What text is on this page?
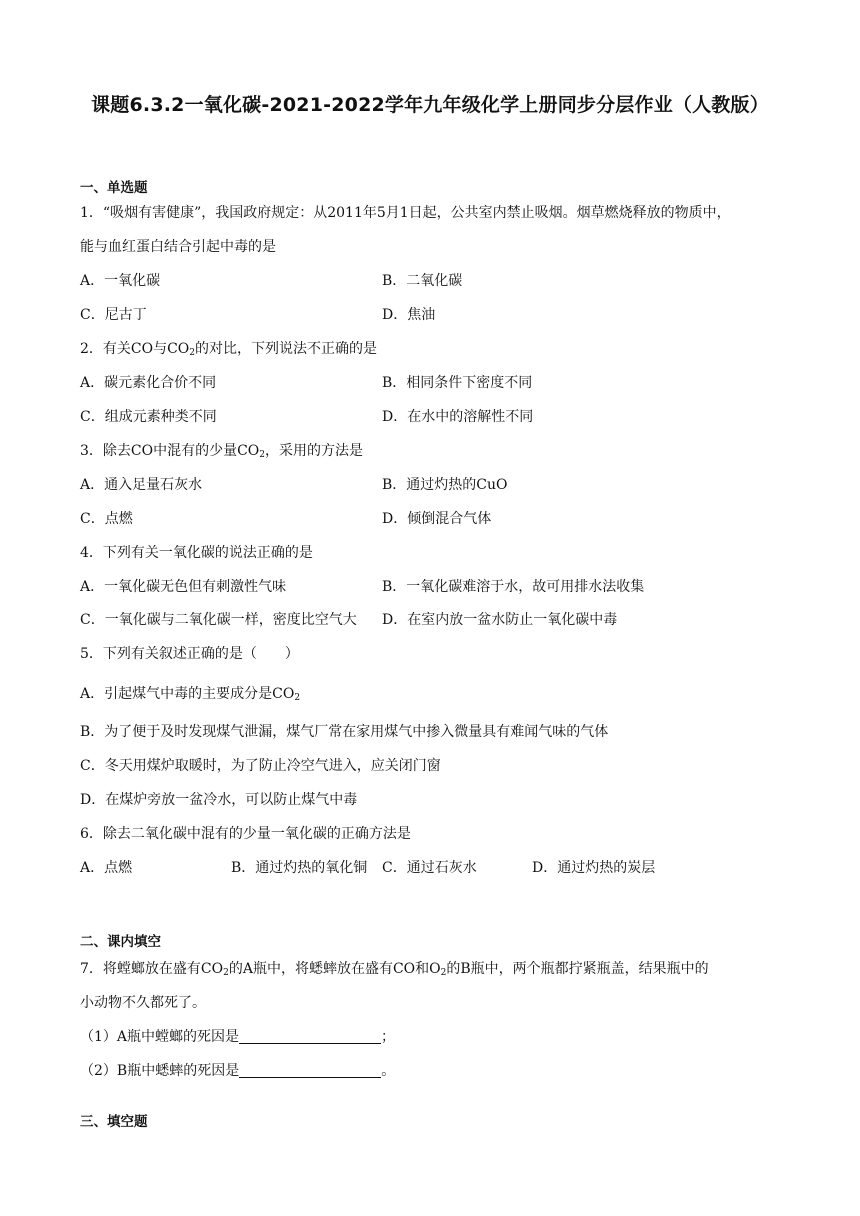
课题6.3.2一氧化碳-2021-2022学年九年级化学上册同步分层作业（人教版）
一、单选题
1．“吸烟有害健康”，我国政府规定：从2011年5月1日起，公共室内禁止吸烟。烟草燃烧释放的物质中，
能与血红蛋白结合引起中毒的是
A．一氧化碳	B．二氧化碳
C．尼古丁	D．焦油
2．有关CO与$CO_2$的对比，下列说法不正确的是
A．碳元素化合价不同	B．相同条件下密度不同
C．组成元素种类不同	D．在水中的溶解性不同
3．除去CO中混有的少量$CO_2$，采用的方法是
A．通入足量石灰水	B．通过灼热的CuO
C．点燃	D．倾倒混合气体
4．下列有关一氧化碳的说法正确的是
A．一氧化碳无色但有刺激性气味	B．一氧化碳难溶于水，故可用排水法收集
C．一氧化碳与二氧化碳一样，密度比空气大 D．在室内放一盆水防止一氧化碳中毒
5．下列有关叙述正确的是（　　）
A．引起煤气中毒的主要成分是$CO_2$
B．为了便于及时发现煤气泄漏，煤气厂常在家用煤气中掺入微量具有难闻气味的气体
C．冬天用煤炉取暖时，为了防止冷空气进入，应关闭门窗
D．在煤炉旁放一盆冷水，可以防止煤气中毒
6．除去二氧化碳中混有的少量一氧化碳的正确方法是
A．点燃	B．通过灼热的氧化铜 C．通过石灰水	D．通过灼热的炭层
二、课内填空
7．将螳螂放在盛有$CO_2$的A瓶中，将蟋蟀放在盛有CO和$O_2$的B瓶中，两个瓶都拧紧瓶盖，结果瓶中的
小动物不久都死了。
（1）A瓶中螳螂的死因是	；
（2）B瓶中蟋蟀的死因是	。
三、填空题
